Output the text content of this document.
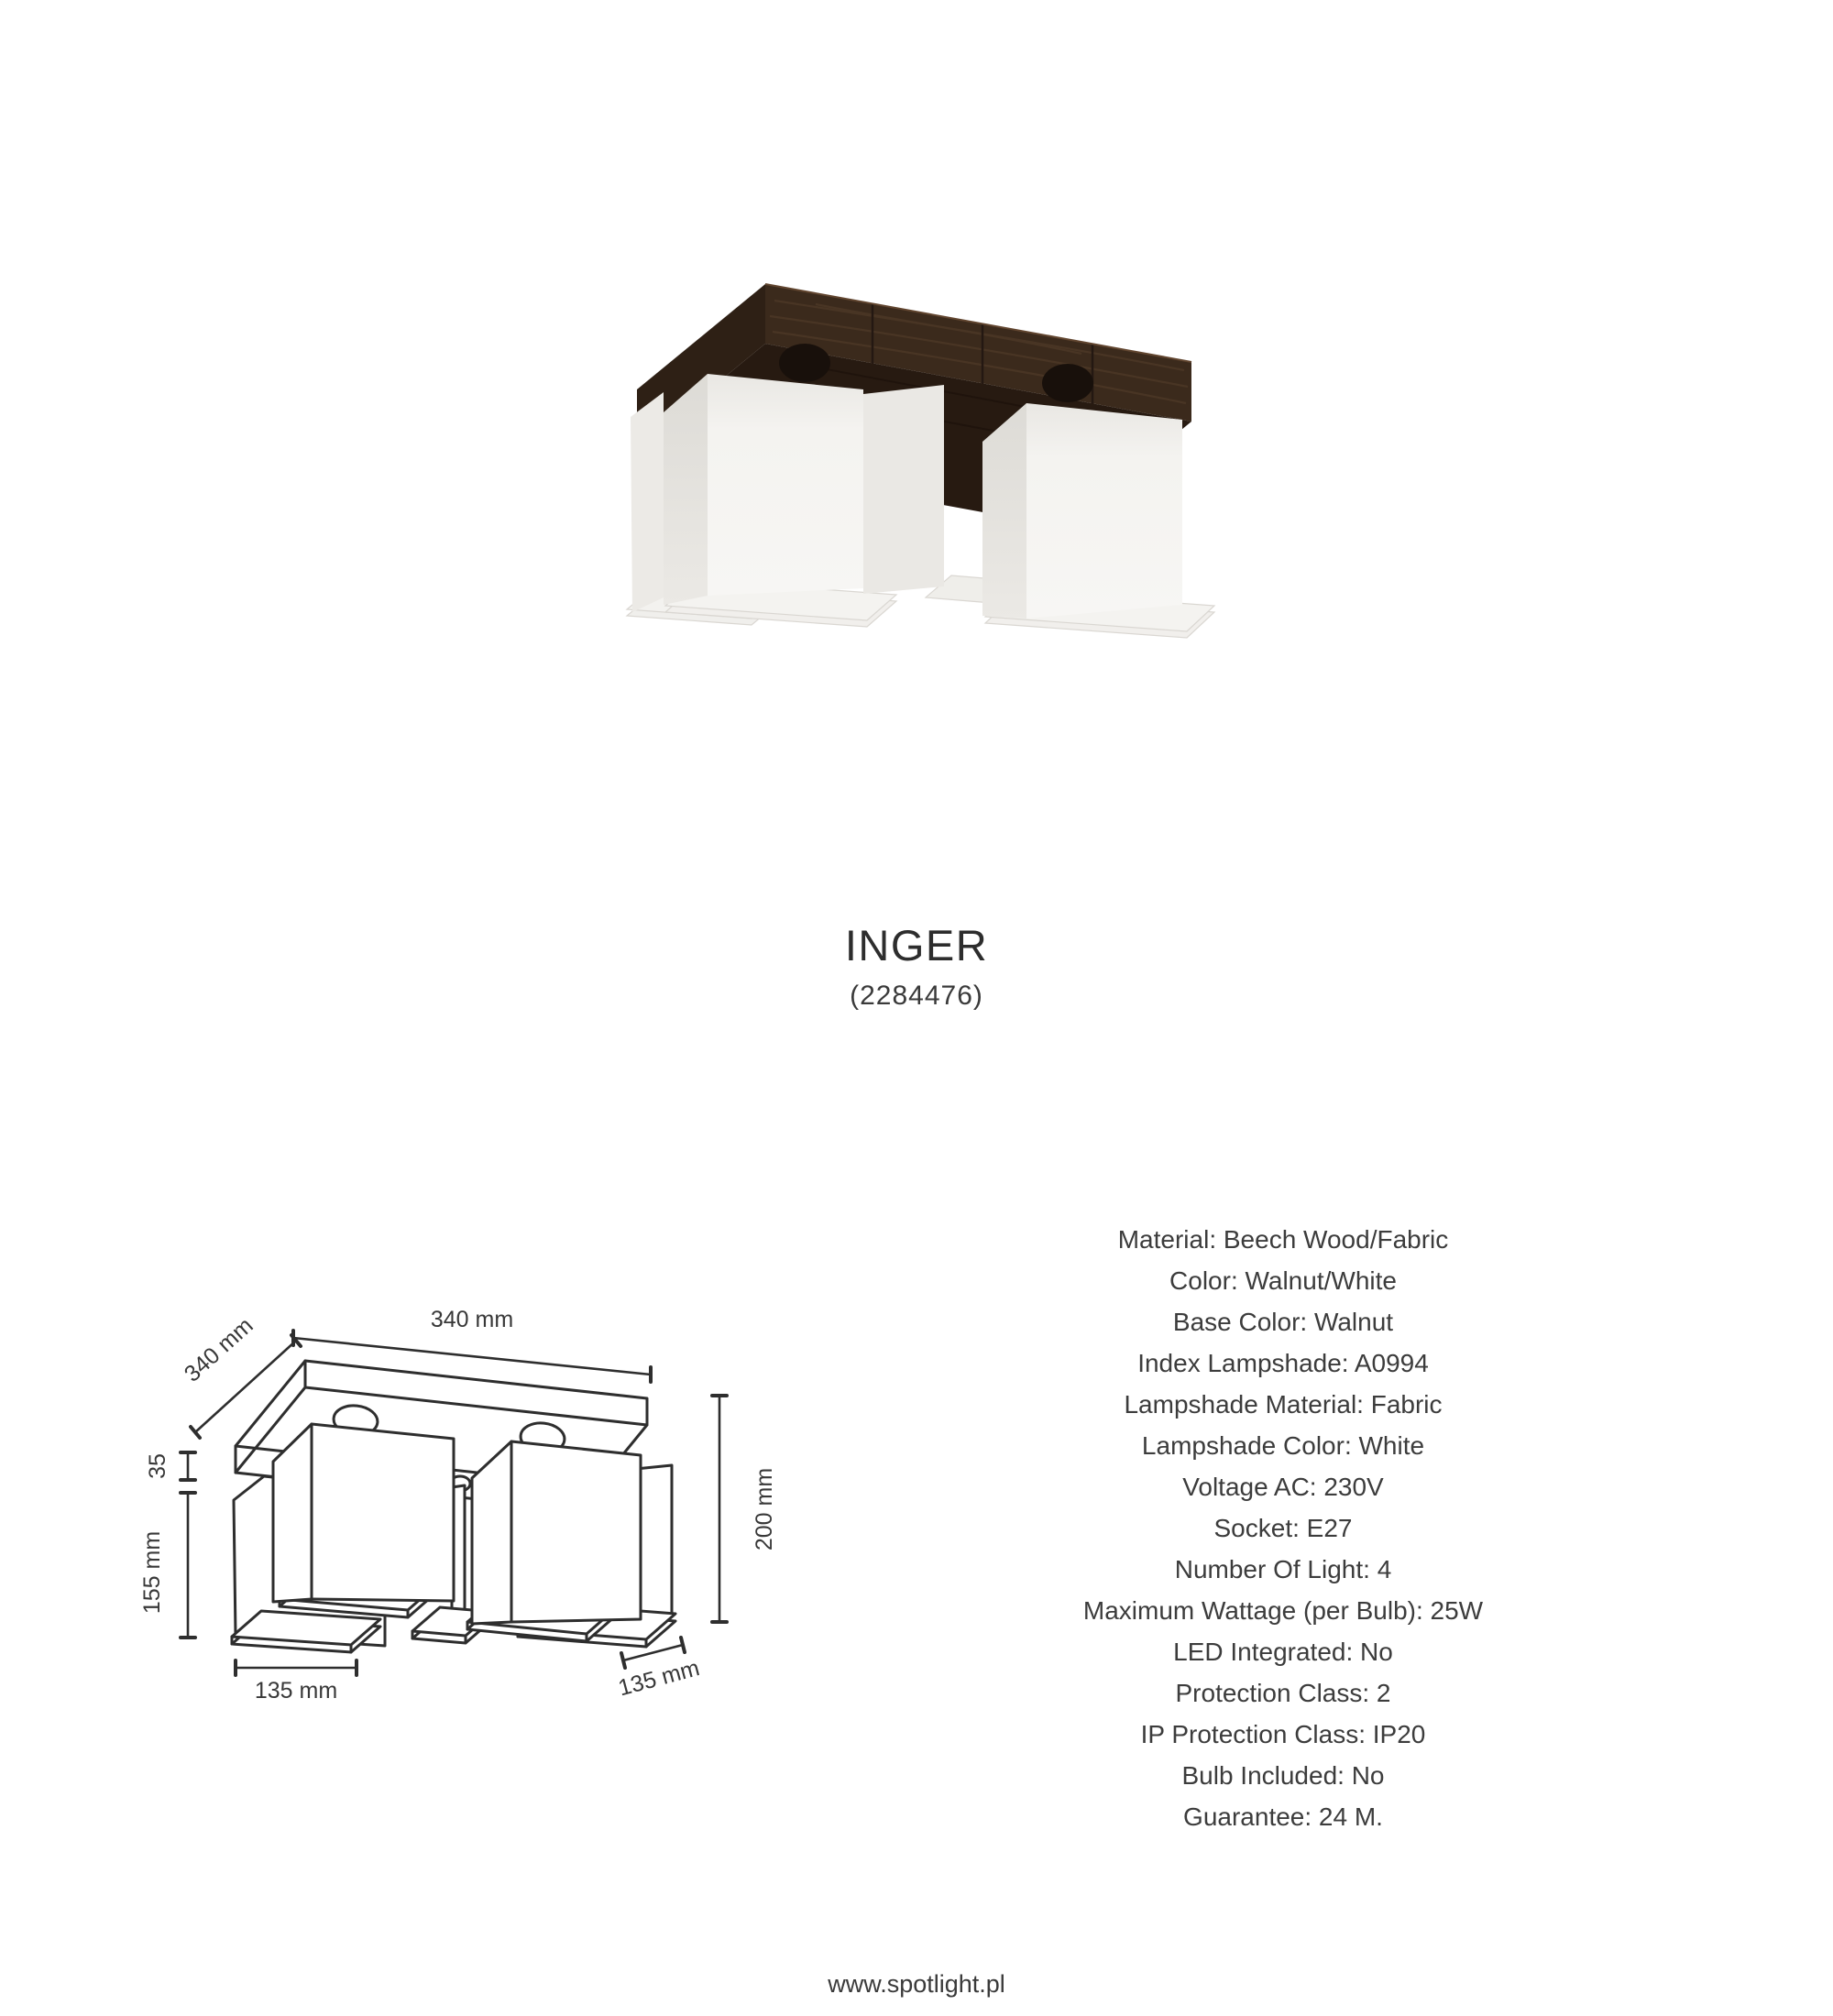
INGER
(2284476)
340 mm
340 mm
35
155 mm
200 mm
135 mm	135 mm
Material: Beech Wood/Fabric
Color: Walnut/White
Base Color: Walnut
Index Lampshade: A0994
Lampshade Material: Fabric
Lampshade Color: White
Voltage AC: 230V
Socket: E27
Number Of Light: 4
Maximum Wattage (per Bulb): 25W
LED Integrated: No
Protection Class: 2
IP Protection Class: IP20
Bulb Included: No
Guarantee: 24 M.
www.spotlight.pl
